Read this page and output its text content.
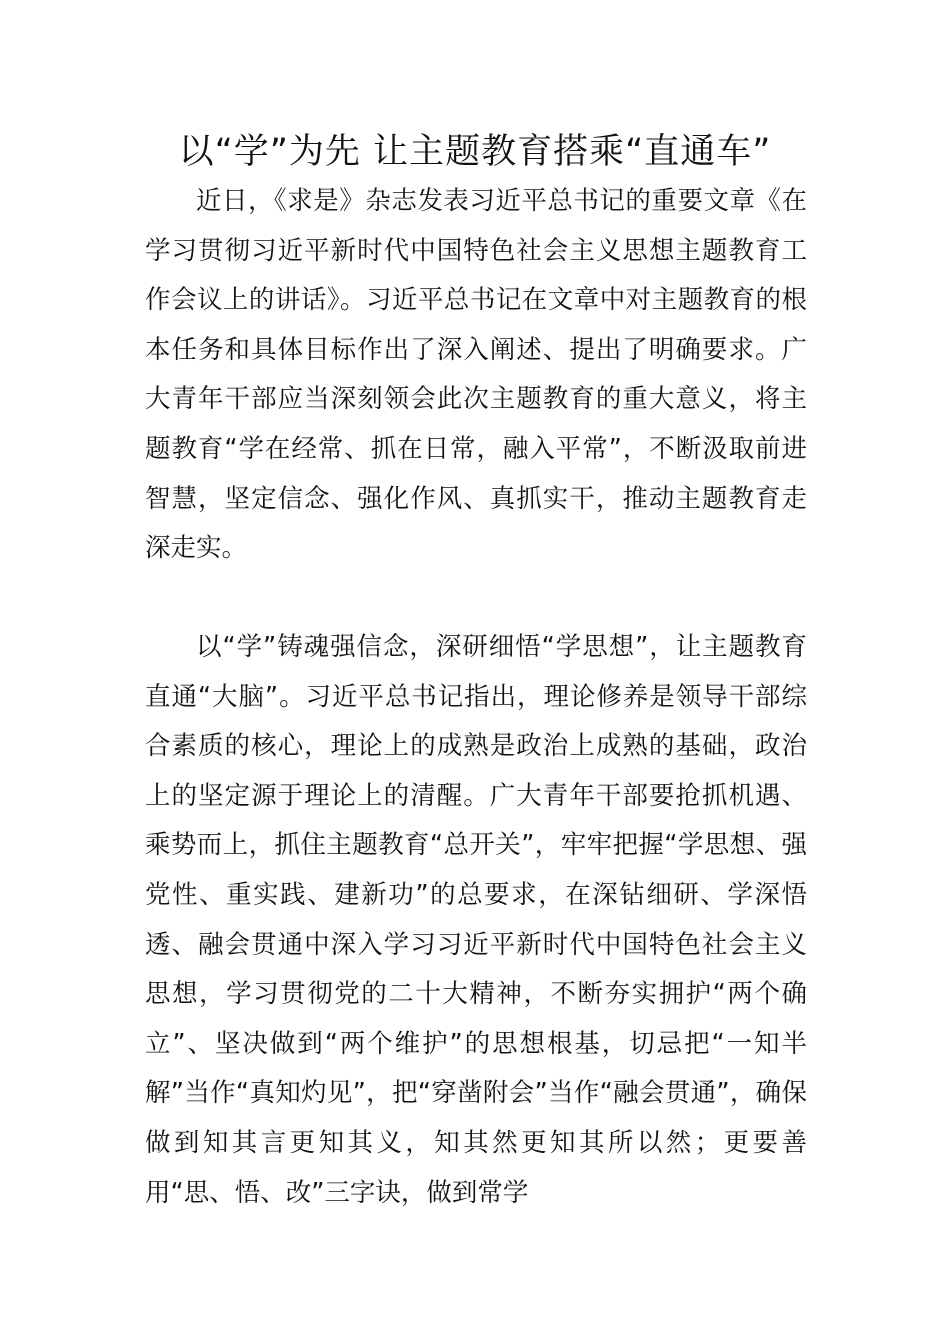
以“学”为先 让主题教育搭乘“直通车”

近日，《求是》杂志发表习近平总书记的重要文章《在学习贯彻习近平新时代中国特色社会主义思想主题教育工作会议上的讲话》。习近平总书记在文章中对主题教育的根本任务和具体目标作出了深入阐述、提出了明确要求。广大青年干部应当深刻领会此次主题教育的重大意义，将主题教育“学在经常、抓在日常，融入平常”，不断汲取前进智慧，坚定信念、强化作风、真抓实干，推动主题教育走深走实。

以“学”铸魂强信念，深研细悟“学思想”，让主题教育直通“大脑”。习近平总书记指出，理论修养是领导干部综合素质的核心，理论上的成熟是政治上成熟的基础，政治上的坚定源于理论上的清醒。广大青年干部要抢抓机遇、乘势而上，抓住主题教育“总开关”，牢牢把握“学思想、强党性、重实践、建新功”的总要求，在深钻细研、学深悟透、融会贯通中深入学习习近平新时代中国特色社会主义思想，学习贯彻党的二十大精神，不断夯实拥护“两个确立”、坚决做到“两个维护”的思想根基，切忌把“一知半解”当作“真知灼见”，把“穿凿附会”当作“融会贯通”，确保做到知其言更知其义，知其然更知其所以然；更要善用“思、悟、改”三字诀，做到常学
